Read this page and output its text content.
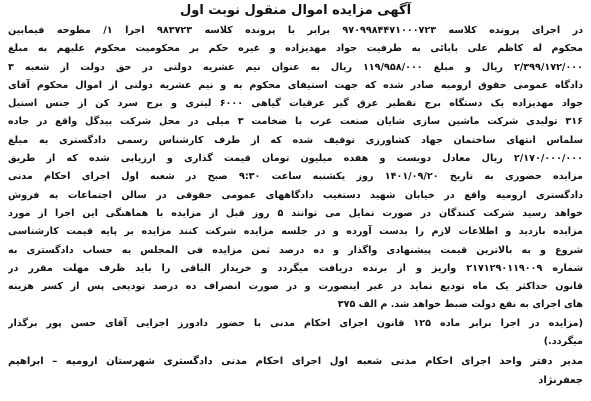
آگهی مزایده اموال منقول نوبت اول
در اجرای پرونده کلاسه ۹۷۰۹۹۸۴۴۷۱۰۰۰۷۲۳ برابر با پرونده کلاسه ۹۸۳۷۲۳ اجرا ۱/ مطوحه فیمابین
محکوم له کاظم علی بابائی به طرفیت جواد مهدیزاده و غیره حکم بر محکومیت محکوم علیهم به مبلغ
۲/۳۹۹/۱۷۲/۰۰۰ ریال و مبلغ ۱۱۹/۹۵۸/۰۰۰ ریال به عنوان نیم عشریه دولتی در حق دولت از شعبه ۳
دادگاه عمومی حقوق ارومیه صادر شده که جهت استیفای محکوم به و نیم عشریه دولتی از اموال محکوم آقای
جواد مهدیزاده یک دستگاه برج تقطیر عرق گیر عرقیات گیاهی ۶۰۰۰ لیتری و برج سرد کن از جنس استیل
۳۱۶ تولیدی شرکت ماشین سازی شایان صنعت غرب با ضخامت ۳ میلی در محل شرکت بیدگل واقع در جاده
سلماس انتهای ساختمان جهاد کشاورزی توقیف شده که از طرف کارشناس رسمی دادگستری به مبلغ
۲/۱۷۰/۰۰۰/۰۰۰ ریال معادل دویست و هفده میلیون تومان قیمت گذاری و ارزیابی شده که از طریق
مزایده حضوری به تاریخ ۱۴۰۱/۰۹/۲۰ روز یکشنبه ساعت ۹:۳۰ صبح در شعبه اول اجرای احکام مدنی
دادگستری ارومیه واقع در خیابان شهید دستغیب دادگاههای عمومی حقوقی در سالن اجتماعات به فروش
خواهد رسید شرکت کنندگان در صورت تمایل می توانند ۵ روز قبل از مزایده با هماهنگی این اجرا از مورد
مزایده بازدید و اطلاعات لازم را بدست آورده و در جلسه مزایده شرکت کنند مزایده بر پایه قیمت کارشناسی
شروع و به بالاترین قیمت پیشنهادی واگذار و ده درصد ثمن مزایده فی المجلس به حساب دادگستری به
شماره ۲۱۷۱۲۹۰۱۱۹۰۰۹ واریز و از برنده دریافت میگردد و خریدار الباقی را باید ظرف مهلت مقرر در
قانون حداکثر یک ماه تودیع نماید در غیر اینصورت و در صورت انصراف ده درصد تودیعی پس از کسر هزینه
های اجرای به نفع دولت ضبط خواهد شد. م الف ۳۷۵
(مزایده در اجرا برابر ماده ۱۲۵ قانون اجرای احکام مدنی با حضور دادورز اجرایی آقای حسن پور برگذار
میگردد.)
مدیر دفتر واحد اجرای احکام مدنی شعبه اول اجرای احکام مدنی دادگستری شهرستان ارومیه – ابراهیم
جعفرنژاد
